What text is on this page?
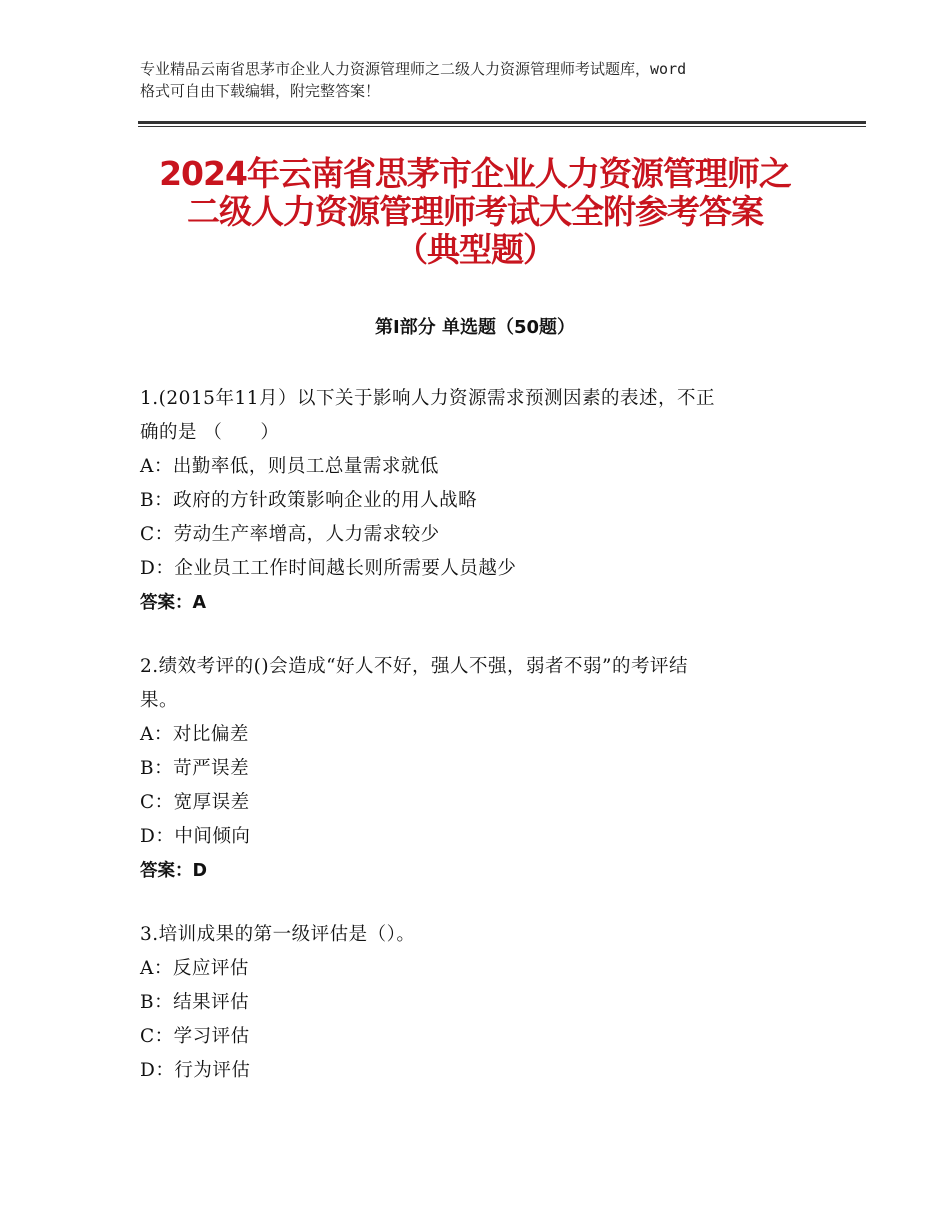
专业精品云南省思茅市企业人力资源管理师之二级人力资源管理师考试题库，word
格式可自由下载编辑，附完整答案！
2024年云南省思茅市企业人力资源管理师之
二级人力资源管理师考试大全附参考答案
（典型题）
第Ⅰ部分 单选题（50题）
1.(2015年11月）以下关于影响人力资源需求预测因素的表述，不正
确的是 （　　）
A：出勤率低，则员工总量需求就低
B：政府的方针政策影响企业的用人战略
C：劳动生产率增高，人力需求较少
D：企业员工工作时间越长则所需要人员越少
答案：A
2.绩效考评的()会造成“好人不好，强人不强，弱者不弱”的考评结
果。
A：对比偏差
B：苛严误差
C：宽厚误差
D：中间倾向
答案：D
3.培训成果的第一级评估是（）。
A：反应评估
B：结果评估
C：学习评估
D：行为评估
